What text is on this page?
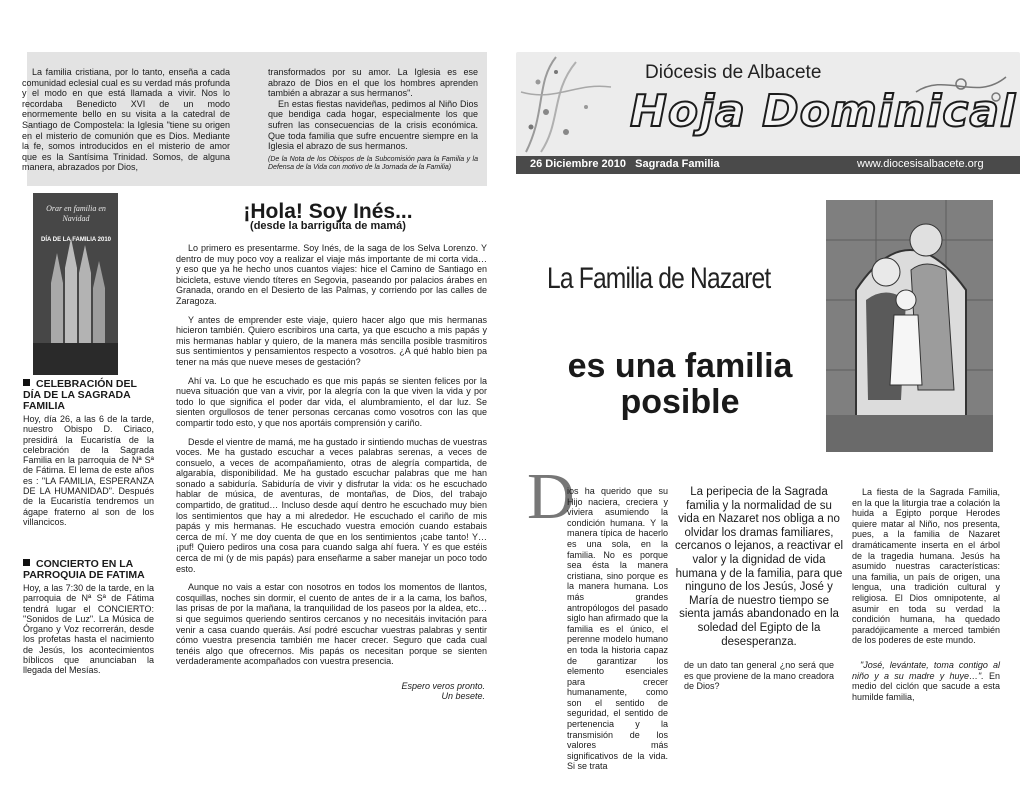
La familia cristiana, por lo tanto, enseña a cada comunidad eclesial cual es su verdad más profunda y el modo en que está llamada a vivir. Nos lo recordaba Benedicto XVI de un modo enormemente bello en su visita a la catedral de Santiago de Compostela: la Iglesia "tiene su origen en el misterio de comunión que es Dios. Mediante la fe, somos introducidos en el misterio de amor que es la Santísima Trinidad. Somos, de alguna manera, abrazados por Dios,

transformados por su amor. La Iglesia es ese abrazo de Dios en el que los hombres aprenden también a abrazar a sus hermanos".

En estas fiestas navideñas, pedimos al Niño Dios que bendiga cada hogar, especialmente los que sufren las consecuencias de la crisis económica. Que toda familia que sufre encuentre siempre en la Iglesia el abrazo de sus hermanos.

(De la Nota de los Obispos de la Subcomisión para la Familia y la Defensa de la Vida con motivo de la Jornada de la Familia)

Diócesis de Albacete
Hoja Dominical
26 Diciembre 2010   Sagrada Familia	www.diocesisalbacete.org
Orar en familia en Navidad
DÍA DE LA FAMILIA 2010
CELEBRACIÓN DEL DÍA DE LA SAGRADA FAMILIA
Hoy, día 26, a las 6 de la tarde, nuestro Obispo D. Ciriaco, presidirá la Eucaristía de la celebración de la Sagrada Familia en la parroquia de Nª Sª de Fátima. El lema de este años es : "LA FAMILIA, ESPERANZA DE LA HUMANIDAD". Después de la Eucaristía tendremos un ágape fraterno al son de los villancicos.
CONCIERTO EN LA PARROQUIA DE FATIMA
Hoy, a las 7:30 de la tarde, en la parroquia de Nª Sª de Fátima tendrá lugar el CONCIERTO: "Sonidos de Luz". La Música de Órgano y Voz recorrerán, desde los profetas hasta el nacimiento de Jesús, los acontecimientos bíblicos que anunciaban la llegada del Mesías.
¡Hola! Soy Inés...
(desde la barriguita de mamá)

Lo primero es presentarme. Soy Inés, de la saga de los Selva Lorenzo. Y dentro de muy poco voy a realizar el viaje más importante de mi corta vida… y eso que ya he hecho unos cuantos viajes: hice el Camino de Santiago en bicicleta, estuve viendo títeres en Segovia, paseando por palacios árabes en Granada, orando en el Desierto de las Palmas, y corriendo por las calles de Zaragoza.

Y antes de emprender este viaje, quiero hacer algo que mis hermanas hicieron también. Quiero escribiros una carta, ya que escucho a mis papás y mis hermanas hablar y quiero, de la manera más sencilla posible trasmitiros sus sentimientos y pensamientos respecto a vosotros. ¿A qué hablo bien pa tener na más que nueve meses de gestación?

Ahí va. Lo que he escuchado es que mis papás se sienten felices por la nueva situación que van a vivir, por la alegría con la que viven la vida y por todo lo que significa el poder dar vida, el alumbramiento, el dar luz. Se sienten orgullosos de tener personas cercanas como vosotros con las que compartir todo esto, y que nos aportáis comprensión y cariño.

Desde el vientre de mamá, me ha gustado ir sintiendo muchas de vuestras voces. Me ha gustado escuchar a veces palabras serenas, a veces de consuelo, a veces de acompañamiento, otras de alegría compartida, de algarabía, disponibilidad. Me ha gustado escuchar palabras que me han sonado a sabiduría. Sabiduría de vivir y disfrutar la vida: os he escuchado hablar de música, de aventuras, de montañas, de Dios, del trabajo compartido, de gratitud… Incluso desde aquí dentro he escuchado muy bien los sentimientos que hay a mi alrededor. He escuchado el cariño de mis papás y mis hermanas. He escuchado vuestra emoción cuando estabais cerca de mí. Y me doy cuenta de que en los sentimientos ¡cabe tanto! Y… ¡puf! Quiero pediros una cosa para cuando salga ahí fuera. Y es que estéis cerca de mi (y de mis papás) para enseñarme a saber manejar un poco todo esto.

Aunque no vais a estar con nosotros en todos los momentos de llantos, cosquillas, noches sin dormir, el cuento de antes de ir a la cama, los baños, las prisas de por la mañana, la tranquilidad de los paseos por la aldea, etc… si que seguimos queriendo sentiros cercanos y no necesitáis invitación para venir a casa cuando queráis. Así podré escuchar vuestras palabras y sentir cómo vuestra presencia también me hacer crecer. Seguro que cada cual tenéis algo que ofrecernos. Mis papás os necesitan porque se sienten verdaderamente acompañados con vuestra presencia.

Espero veros pronto.
Un besete.
La Familia de Nazaret
es una familia posible
D

ios ha querido que su Hijo naciera, creciera y viviera asumiendo la condición humana. Y la manera típica de hacerlo es una sola, en la familia. No es porque sea ésta la manera cristiana, sino porque es la manera humana. Los más grandes antropólogos del pasado siglo han afirmado que la familia es el único, el perenne modelo humano en toda la historia capaz de garantizar los elemento esenciales para crecer humanamente, como son el sentido de seguridad, el sentido de pertenencia y la transmisión de los valores más significativos de la vida. Si se trata

La peripecia de la Sagrada familia y la normalidad de su vida en Nazaret nos obliga a no olvidar los dramas familiares, cercanos o lejanos, a reactivar el valor y la dignidad de vida humana y de la familia, para que ninguno de los Jesús, José y María de nuestro tiempo se sienta jamás abandonado en la soledad del Egipto de la desesperanza.
de un dato tan general ¿no será que es que proviene de la mano creadora de Dios?

La fiesta de la Sagrada Familia, en la que la liturgia trae a colación la huida a Egipto porque Herodes quiere matar al Niño, nos presenta, pues, a la familia de Nazaret dramáticamente inserta en el árbol de la tragedia humana. Jesús ha asumido nuestras características: una familia, un país de origen, una lengua, una tradición cultural y religiosa. El Dios omnipotente, al asumir en toda su verdad la condición humana, ha quedado paradójicamente a merced también de los poderes de este mundo.

"José, levántate, toma contigo al niño y a su madre y huye…". En medio del ciclón que sacude a esta humilde familia,
